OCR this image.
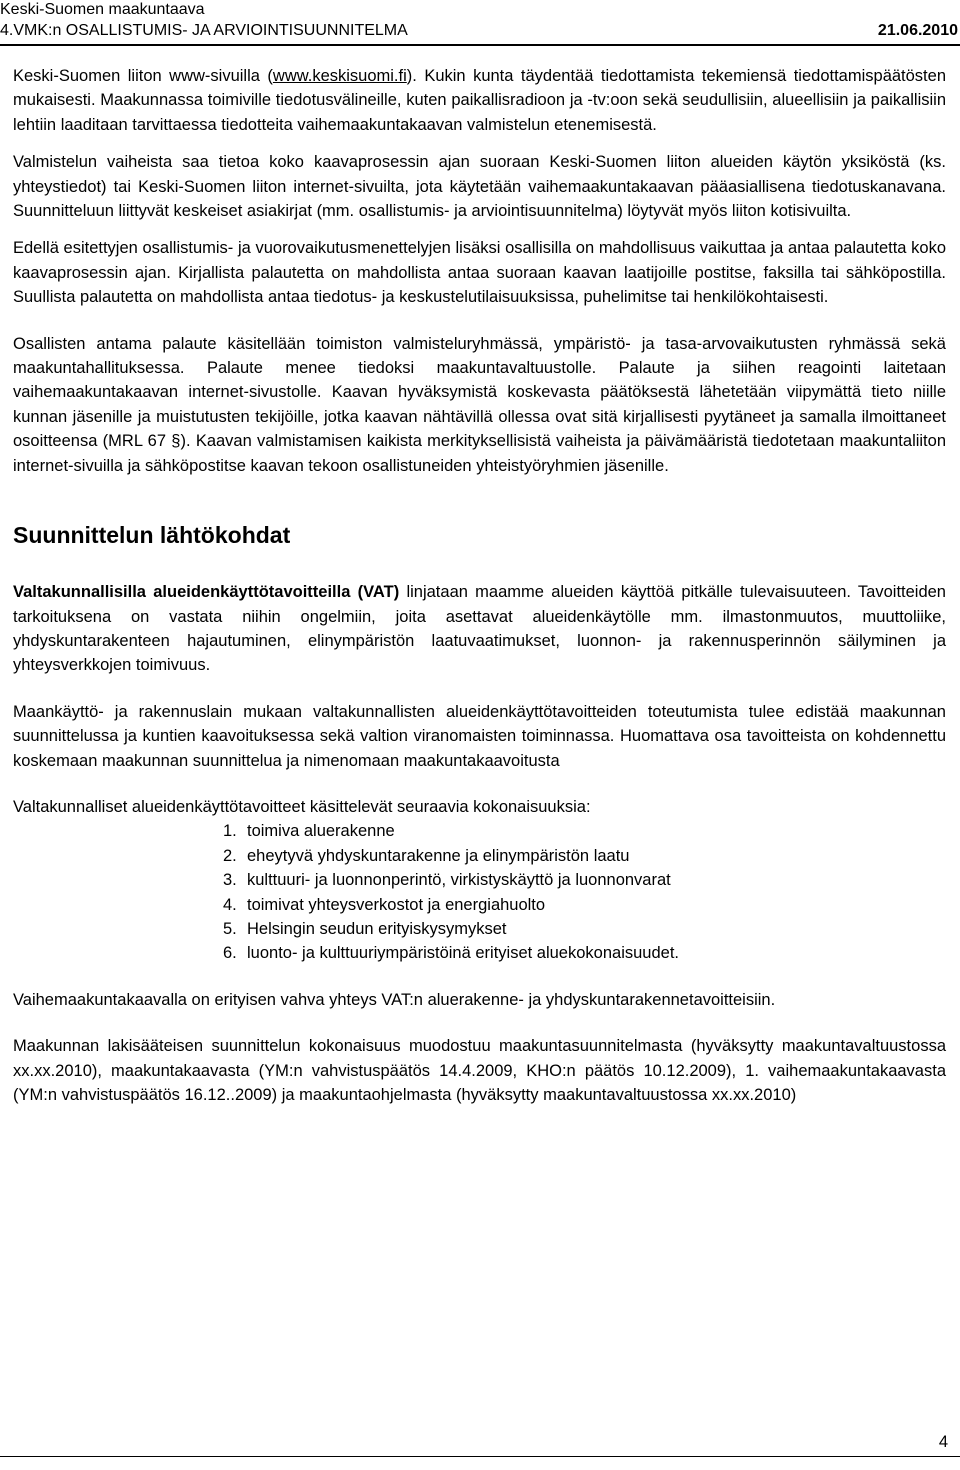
Keski-Suomen maakuntaava
4.VMK:n OSALLISTUMIS- JA ARVIOINTISUUNNITELMA	21.06.2010

Keski-Suomen liiton www-sivuilla (www.keskisuomi.fi). Kukin kunta täydentää tiedottamista tekemiensä tiedottamispäätösten mukaisesti. Maakunnassa toimiville tiedotusvälineille, kuten paikallisradioon ja -tv:oon sekä seudullisiin, alueellisiin ja paikallisiin lehtiin laaditaan tarvittaessa tiedotteita vaihemaakuntakaavan valmistelun etenemisestä.

Valmistelun vaiheista saa tietoa koko kaavaprosessin ajan suoraan Keski-Suomen liiton alueiden käytön yksiköstä (ks. yhteystiedot) tai Keski-Suomen liiton internet-sivuilta, jota käytetään vaihemaakuntakaavan pääasiallisena tiedotuskanavana. Suunnitteluun liittyvät keskeiset asiakirjat (mm. osallistumis- ja arviointisuunnitelma) löytyvät myös liiton kotisivuilta.

Edellä esitettyjen osallistumis- ja vuorovaikutusmenettelyjen lisäksi osallisilla on mahdollisuus vaikuttaa ja antaa palautetta koko kaavaprosessin ajan. Kirjallista palautetta on mahdollista antaa suoraan kaavan laatijoille postitse, faksilla tai sähköpostilla. Suullista palautetta on mahdollista antaa tiedotus- ja keskustelutilaisuuksissa, puhelimitse tai henkilökohtaisesti.

Osallisten antama palaute käsitellään toimiston valmisteluryhmässä, ympäristö- ja tasa-arvovaikutusten ryhmässä sekä maakuntahallituksessa. Palaute menee tiedoksi maakuntavaltuustolle. Palaute ja siihen reagointi laitetaan vaihemaakuntakaavan internet-sivustolle. Kaavan hyväksymistä koskevasta päätöksestä lähetetään viipymättä tieto niille kunnan jäsenille ja muistutusten tekijöille, jotka kaavan nähtävillä ollessa ovat sitä kirjallisesti pyytäneet ja samalla ilmoittaneet osoitteensa (MRL 67 §). Kaavan valmistamisen kaikista merkityksellisistä vaiheista ja päivämääristä tiedotetaan maakuntaliiton internet-sivuilla ja sähköpostitse kaavan tekoon osallistuneiden yhteistyöryhmien jäsenille.

Suunnittelun lähtökohdat

Valtakunnallisilla alueidenkäyttötavoitteilla (VAT) linjataan maamme alueiden käyttöä pitkälle tulevaisuuteen. Tavoitteiden tarkoituksena on vastata niihin ongelmiin, joita asettavat alueidenkäytölle mm. ilmastonmuutos, muuttoliike, yhdyskuntarakenteen hajautuminen, elinympäristön laatuvaatimukset, luonnon- ja rakennusperinnön säilyminen ja yhteysverkkojen toimivuus.

Maankäyttö- ja rakennuslain mukaan valtakunnallisten alueidenkäyttötavoitteiden toteutumista tulee edistää maakunnan suunnittelussa ja kuntien kaavoituksessa sekä valtion viranomaisten toiminnassa. Huomattava osa tavoitteista on kohdennettu koskemaan maakunnan suunnittelua ja nimenomaan maakuntakaavoitusta

Valtakunnalliset alueidenkäyttötavoitteet käsittelevät seuraavia kokonaisuuksia:

1. toimiva aluerakenne
2. eheytyvä yhdyskuntarakenne ja elinympäristön laatu
3. kulttuuri- ja luonnonperintö, virkistyskäyttö ja luonnonvarat
4. toimivat yhteysverkostot ja energiahuolto
5. Helsingin seudun erityiskysymykset
6. luonto- ja kulttuuriympäristöinä erityiset aluekokonaisuudet.

Vaihemaakuntakaavalla on erityisen vahva yhteys VAT:n aluerakenne- ja yhdyskuntarakennetavoitteisiin.

Maakunnan lakisääteisen suunnittelun kokonaisuus muodostuu maakuntasuunnitelmasta (hyväksytty maakuntavaltuustossa xx.xx.2010), maakuntakaavasta (YM:n vahvistuspäätös 14.4.2009, KHO:n päätös 10.12.2009), 1. vaihemaakuntakaavasta (YM:n vahvistuspäätös 16.12..2009) ja maakuntaohjelmasta (hyväksytty maakuntavaltuustossa xx.xx.2010)

4
